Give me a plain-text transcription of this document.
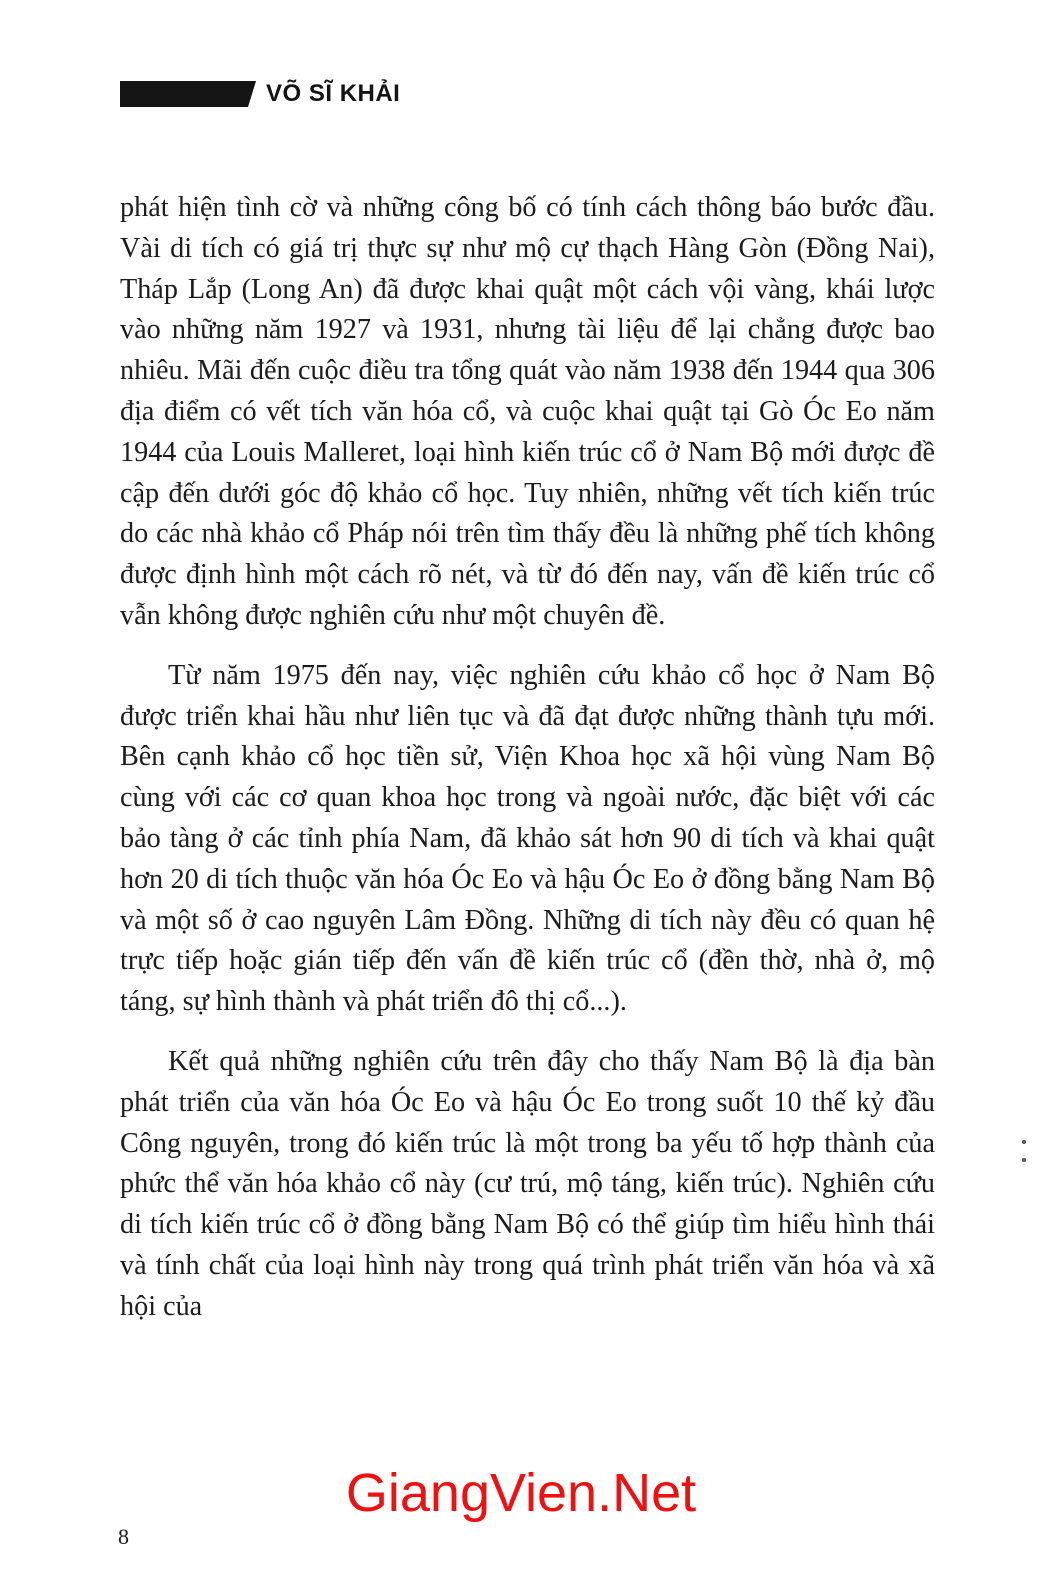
VÕ SĨ KHẢI

phát hiện tình cờ và những công bố có tính cách thông báo bước đầu. Vài di tích có giá trị thực sự như mộ cự thạch Hàng Gòn (Đồng Nai), Tháp Lắp (Long An) đã được khai quật một cách vội vàng, khái lược vào những năm 1927 và 1931, nhưng tài liệu để lại chẳng được bao nhiêu. Mãi đến cuộc điều tra tổng quát vào năm 1938 đến 1944 qua 306 địa điểm có vết tích văn hóa cổ, và cuộc khai quật tại Gò Óc Eo năm 1944 của Louis Malleret, loại hình kiến trúc cổ ở Nam Bộ mới được đề cập đến dưới góc độ khảo cổ học. Tuy nhiên, những vết tích kiến trúc do các nhà khảo cổ Pháp nói trên tìm thấy đều là những phế tích không được định hình một cách rõ nét, và từ đó đến nay, vấn đề kiến trúc cổ vẫn không được nghiên cứu như một chuyên đề.

Từ năm 1975 đến nay, việc nghiên cứu khảo cổ học ở Nam Bộ được triển khai hầu như liên tục và đã đạt được những thành tựu mới. Bên cạnh khảo cổ học tiền sử, Viện Khoa học xã hội vùng Nam Bộ cùng với các cơ quan khoa học trong và ngoài nước, đặc biệt với các bảo tàng ở các tỉnh phía Nam, đã khảo sát hơn 90 di tích và khai quật hơn 20 di tích thuộc văn hóa Óc Eo và hậu Óc Eo ở đồng bằng Nam Bộ và một số ở cao nguyên Lâm Đồng. Những di tích này đều có quan hệ trực tiếp hoặc gián tiếp đến vấn đề kiến trúc cổ (đền thờ, nhà ở, mộ táng, sự hình thành và phát triển đô thị cổ...).

Kết quả những nghiên cứu trên đây cho thấy Nam Bộ là địa bàn phát triển của văn hóa Óc Eo và hậu Óc Eo trong suốt 10 thế kỷ đầu Công nguyên, trong đó kiến trúc là một trong ba yếu tố hợp thành của phức thể văn hóa khảo cổ này (cư trú, mộ táng, kiến trúc). Nghiên cứu di tích kiến trúc cổ ở đồng bằng Nam Bộ có thể giúp tìm hiểu hình thái và tính chất của loại hình này trong quá trình phát triển văn hóa và xã hội của

GiangVien.Net
8
